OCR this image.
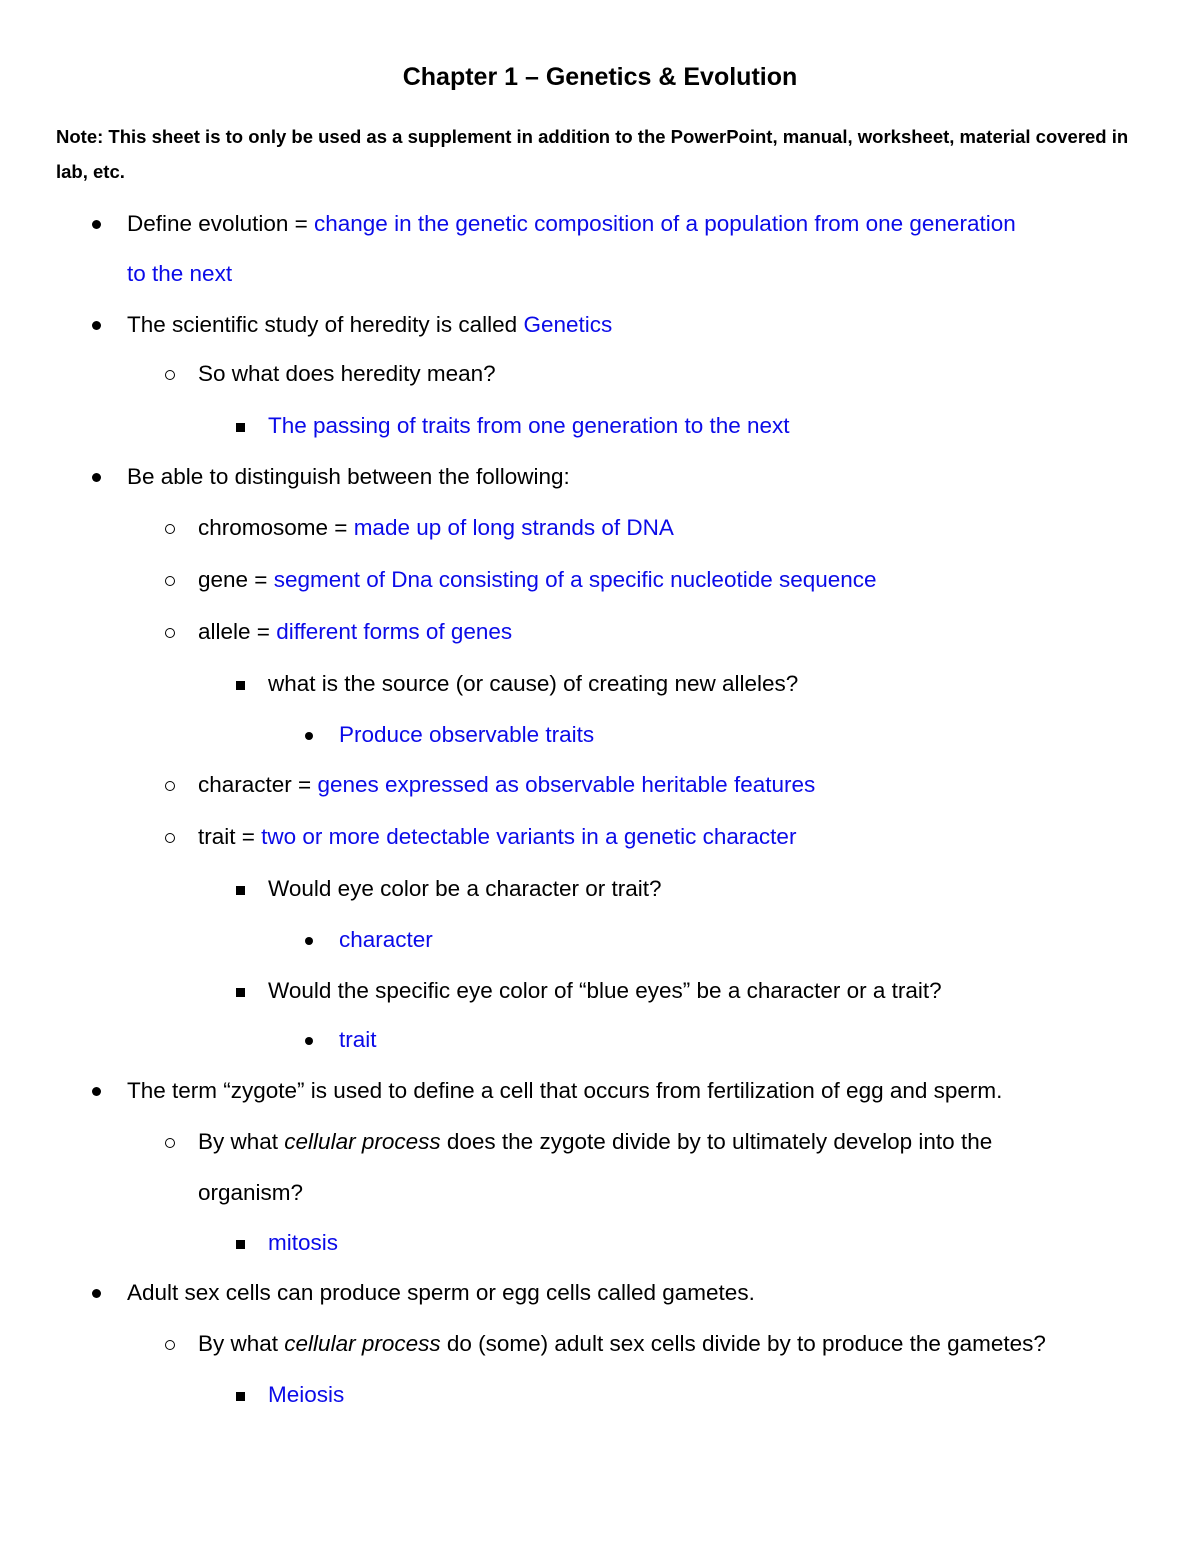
Chapter 1 – Genetics & Evolution
Note: This sheet is to only be used as a supplement in addition to the PowerPoint, manual, worksheet, material covered in lab, etc.
Define evolution = change in the genetic composition of a population from one generation
to the next
The scientific study of heredity is called Genetics
So what does heredity mean?
The passing of traits from one generation to the next
Be able to distinguish between the following:
chromosome = made up of long strands of DNA
gene = segment of Dna consisting of a specific nucleotide sequence
allele = different forms of genes
what is the source (or cause) of creating new alleles?
Produce observable traits
character = genes expressed as observable heritable features
trait = two or more detectable variants in a genetic character
Would eye color be a character or trait?
character
Would the specific eye color of “blue eyes” be a character or a trait?
trait
The term “zygote” is used to define a cell that occurs from fertilization of egg and sperm.
By what cellular process does the zygote divide by to ultimately develop into the
organism?
mitosis
Adult sex cells can produce sperm or egg cells called gametes.
By what cellular process do (some) adult sex cells divide by to produce the gametes?
Meiosis
